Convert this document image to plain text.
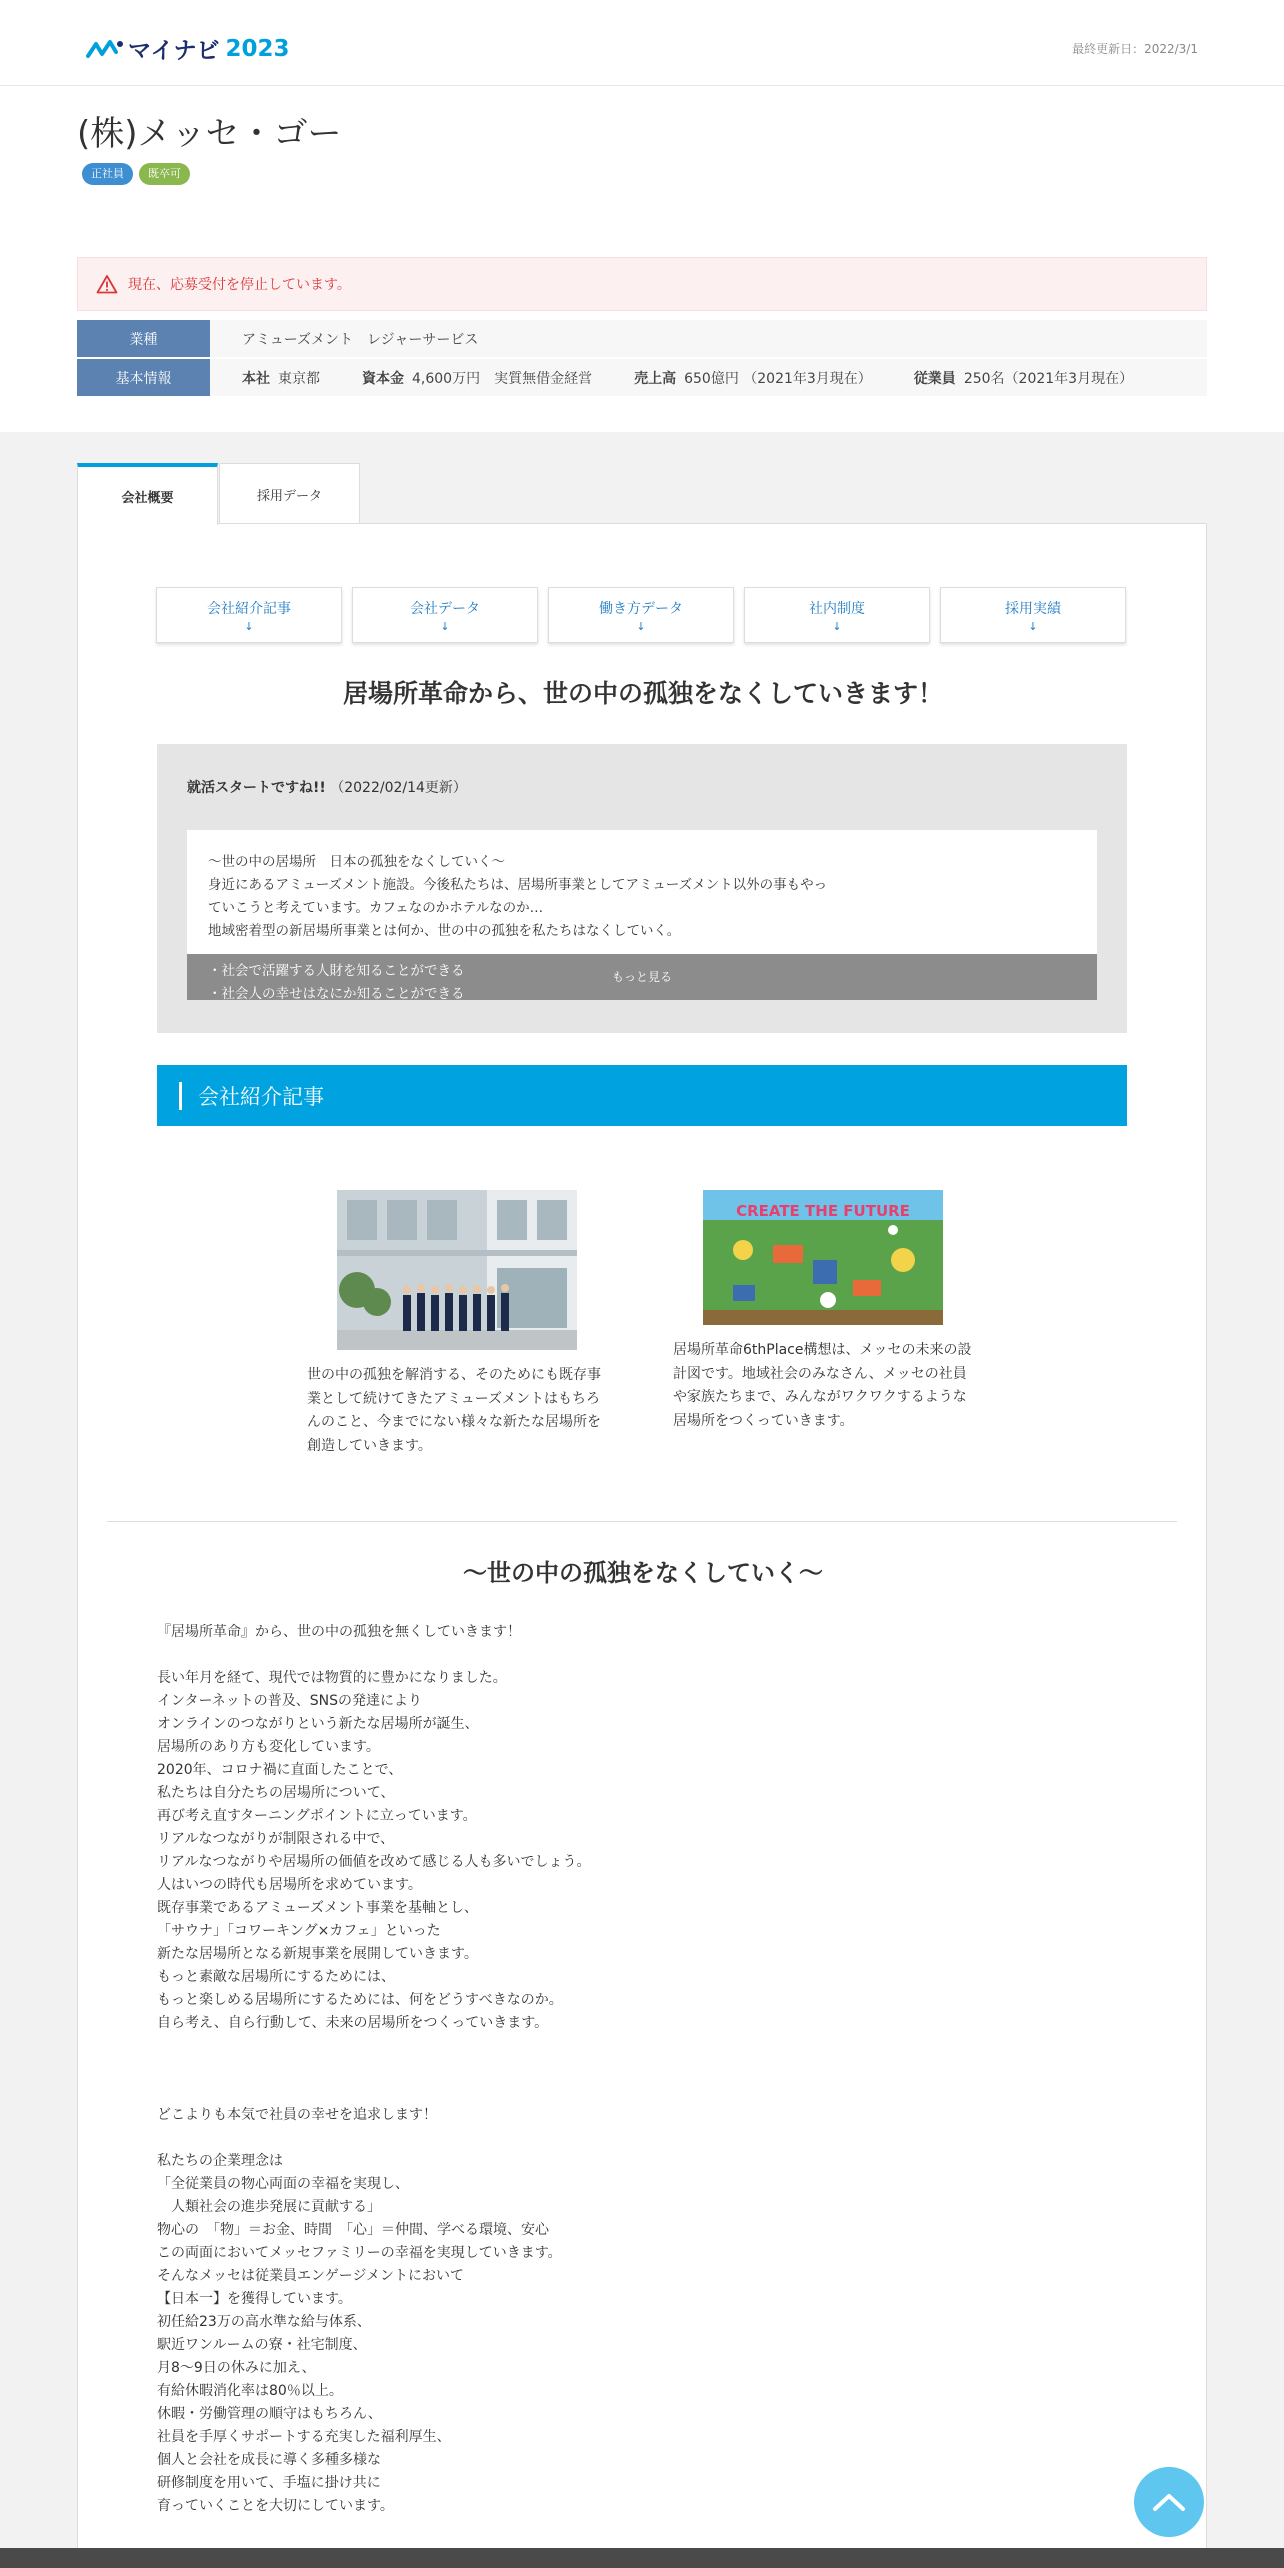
マイナビ 2023	最終更新日：2022/3/1
(株)メッセ・ゴー
正社員	既卒可
現在、応募受付を停止しています。
業種	アミューズメント　レジャーサービス
基本情報	本社 東京都	資本金 4,600万円　実質無借金経営	売上高 650億円 （2021年3月現在）	従業員 250名（2021年3月現在）
会社概要	採用データ
会社紹介記事
↓
会社データ
↓
働き方データ
↓
社内制度
↓
採用実績
↓
居場所革命から、世の中の孤独をなくしていきます！
就活スタートですね!! （2022/02/14更新）
～世の中の居場所　日本の孤独をなくしていく～
身近にあるアミューズメント施設。今後私たちは、居場所事業としてアミューズメント以外の事もやっ
ていこうと考えています。カフェなのかホテルなのか…
地域密着型の新居場所事業とは何か、世の中の孤独を私たちはなくしていく。
・社会で活躍する人財を知ることができる
・社会人の幸せはなにか知ることができる
もっと見る
会社紹介記事

世の中の孤独を解消する、そのためにも既存事業として続けてきたアミューズメントはもちろんのこと、今までにない様々な新たな居場所を創造していきます。

CREATE THE FUTURE

居場所革命6thPlace構想は、メッセの未来の設計図です。地域社会のみなさん、メッセの社員や家族たちまで、みんながワクワクするような居場所をつくっていきます。

～世の中の孤独をなくしていく～
『居場所革命』から、世の中の孤独を無くしていきます！

長い年月を経て、現代では物質的に豊かになりました。
インターネットの普及、SNSの発達により
オンラインのつながりという新たな居場所が誕生、
居場所のあり方も変化しています。
2020年、コロナ禍に直面したことで、
私たちは自分たちの居場所について、
再び考え直すターニングポイントに立っています。
リアルなつながりが制限される中で、
リアルなつながりや居場所の価値を改めて感じる人も多いでしょう。
人はいつの時代も居場所を求めています。
既存事業であるアミューズメント事業を基軸とし、
「サウナ」「コワーキング×カフェ」といった
新たな居場所となる新規事業を展開していきます。
もっと素敵な居場所にするためには、
もっと楽しめる居場所にするためには、何をどうすべきなのか。
自ら考え、自ら行動して、未来の居場所をつくっていきます。

どこよりも本気で社員の幸せを追求します！

私たちの企業理念は
「全従業員の物心両面の幸福を実現し、
　人類社会の進歩発展に貢献する」
物心の　「物」＝お金、時間　「心」＝仲間、学べる環境、安心
この両面においてメッセファミリーの幸福を実現していきます。
そんなメッセは従業員エンゲージメントにおいて
【日本一】を獲得しています。
初任給23万の高水準な給与体系、
駅近ワンルームの寮・社宅制度、
月8～9日の休みに加え、
有給休暇消化率は80％以上。
休暇・労働管理の順守はもちろん、
社員を手厚くサポートする充実した福利厚生、
個人と会社を成長に導く多種多様な
研修制度を用いて、手塩に掛け共に
育っていくことを大切にしています。
